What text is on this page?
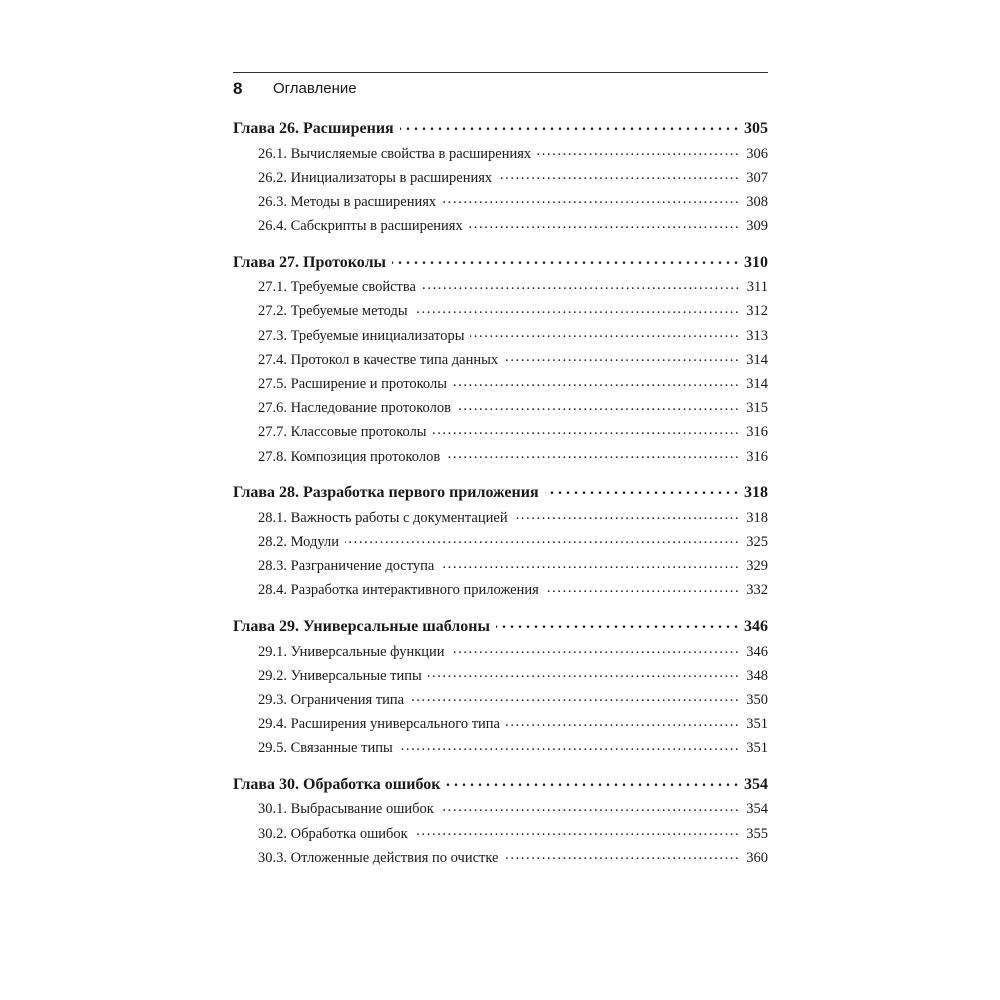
8 Оглавление
Глава 26. Расширения . . .	305
26.1. Вычисляемые свойства в расширениях .....	306
26.2. Инициализаторы в расширениях .....	307
26.3. Методы в расширениях .....	308
26.4. Сабскрипты в расширениях .....	309
Глава 27. Протоколы . . .	310
27.1. Требуемые свойства .....	311
27.2. Требуемые методы .....	312
27.3. Требуемые инициализаторы .....	313
27.4. Протокол в качестве типа данных .....	314
27.5. Расширение и протоколы .....	314
27.6. Наследование протоколов .....	315
27.7. Классовые протоколы .....	316
27.8. Композиция протоколов .....	316
Глава 28. Разработка первого приложения . . .	318
28.1. Важность работы с документацией .....	318
28.2. Модули .....	325
28.3. Разграничение доступа .....	329
28.4. Разработка интерактивного приложения .....	332
Глава 29. Универсальные шаблоны . . .	346
29.1. Универсальные функции .....	346
29.2. Универсальные типы .....	348
29.3. Ограничения типа .....	350
29.4. Расширения универсального типа .....	351
29.5. Связанные типы .....	351
Глава 30. Обработка ошибок . . .	354
30.1. Выбрасывание ошибок .....	354
30.2. Обработка ошибок .....	355
30.3. Отложенные действия по очистке .....	360
